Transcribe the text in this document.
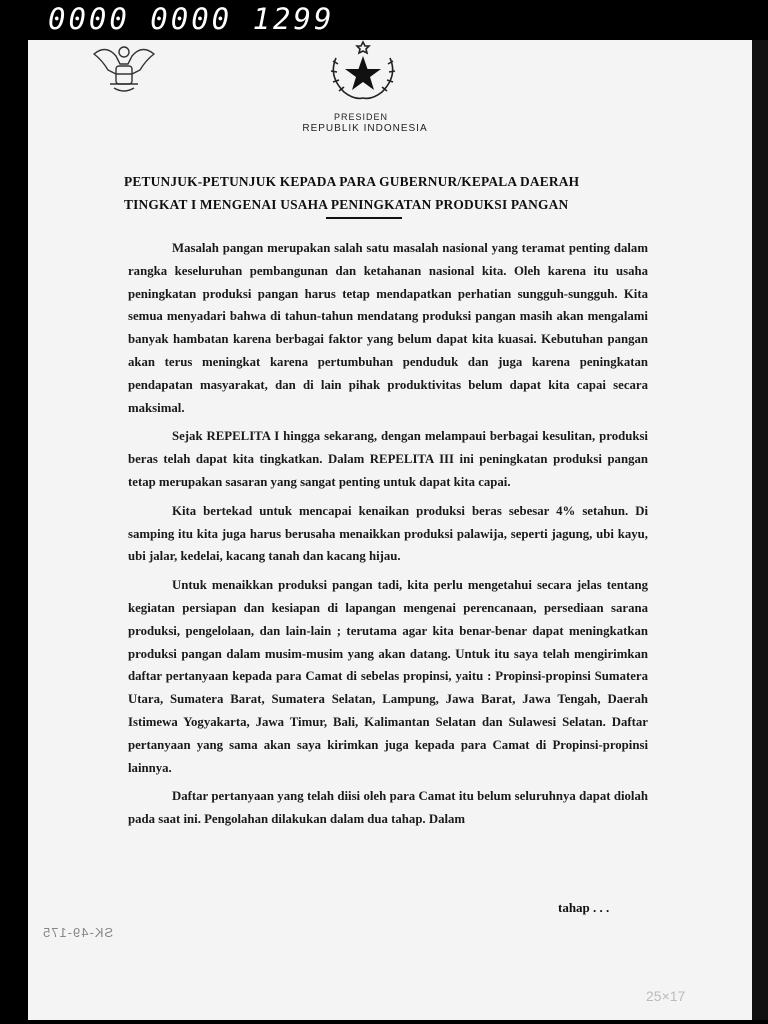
0000 0000 1299
PRESIDEN
REPUBLIK INDONESIA
PETUNJUK-PETUNJUK KEPADA PARA GUBERNUR/KEPALA DAERAH
TINGKAT I MENGENAI USAHA PENINGKATAN PRODUKSI PANGAN

Masalah pangan merupakan salah satu masalah nasional yang teramat penting dalam rangka keseluruhan pembangunan dan ketahanan nasional kita. Oleh karena itu usaha peningkatan produksi pangan harus tetap mendapatkan perhatian sungguh-sungguh. Kita semua menyadari bahwa di tahun-tahun mendatang produksi pangan masih akan mengalami banyak hambatan karena berbagai faktor yang belum dapat kita kuasai. Kebutuhan pangan akan terus meningkat karena pertumbuhan penduduk dan juga karena peningkatan pendapatan masyarakat, dan di lain pihak produktivitas belum dapat kita capai secara maksimal.

Sejak REPELITA I hingga sekarang, dengan melampaui berbagai kesulitan, produksi beras telah dapat kita tingkatkan. Dalam REPELITA III ini peningkatan produksi pangan tetap merupakan sasaran yang sangat penting untuk dapat kita capai.

Kita bertekad untuk mencapai kenaikan produksi beras sebesar 4% setahun. Di samping itu kita juga harus berusaha menaikkan produksi palawija, seperti jagung, ubi kayu, ubi jalar, kedelai, kacang tanah dan kacang hijau.

Untuk menaikkan produksi pangan tadi, kita perlu mengetahui secara jelas tentang kegiatan persiapan dan kesiapan di lapangan mengenai perencanaan, persediaan sarana produksi, pengelolaan, dan lain-lain ; terutama agar kita benar-benar dapat meningkatkan produksi pangan dalam musim-musim yang akan datang. Untuk itu saya telah mengirimkan daftar pertanyaan kepada para Camat di sebelas propinsi, yaitu : Propinsi-propinsi Sumatera Utara, Sumatera Barat, Sumatera Selatan, Lampung, Jawa Barat, Jawa Tengah, Daerah Istimewa Yogyakarta, Jawa Timur, Bali, Kalimantan Selatan dan Sulawesi Selatan. Daftar pertanyaan yang sama akan saya kirimkan juga kepada para Camat di Propinsi-propinsi lainnya.

Daftar pertanyaan yang telah diisi oleh para Camat itu belum seluruhnya dapat diolah pada saat ini. Pengolahan dilakukan dalam dua tahap. Dalam

tahap . . .
SK-49-175
25×17
